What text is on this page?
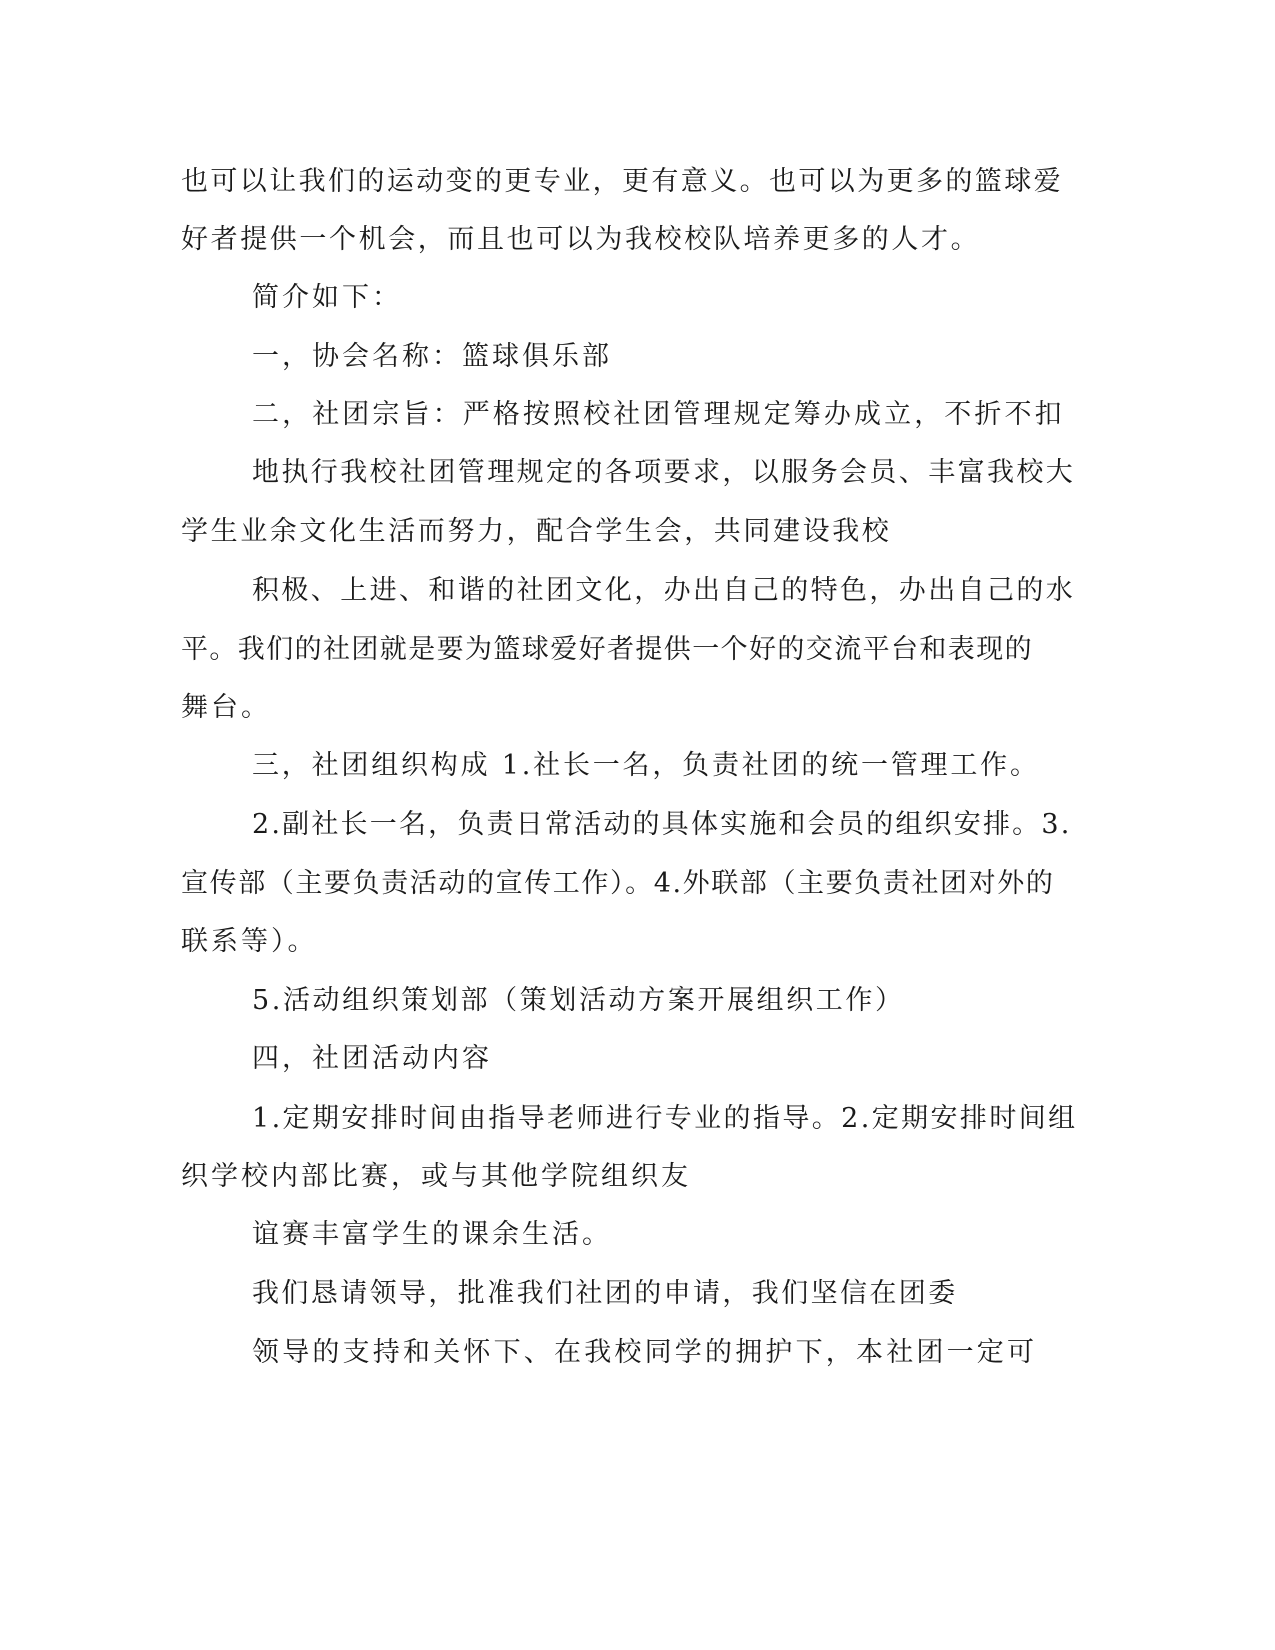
也可以让我们的运动变的更专业，更有意义。也可以为更多的篮球爱
好者提供一个机会，而且也可以为我校校队培养更多的人才。
简介如下：
一，协会名称：篮球俱乐部
二，社团宗旨：严格按照校社团管理规定筹办成立，不折不扣
地执行我校社团管理规定的各项要求，以服务会员、丰富我校大
学生业余文化生活而努力，配合学生会，共同建设我校
积极、上进、和谐的社团文化，办出自己的特色，办出自己的水
平。我们的社团就是要为篮球爱好者提供一个好的交流平台和表现的
舞台。
三，社团组织构成 1.社长一名，负责社团的统一管理工作。
2.副社长一名，负责日常活动的具体实施和会员的组织安排。3.
宣传部（主要负责活动的宣传工作）。4.外联部（主要负责社团对外的
联系等）。
5.活动组织策划部（策划活动方案开展组织工作）
四，社团活动内容
1.定期安排时间由指导老师进行专业的指导。2.定期安排时间组
织学校内部比赛，或与其他学院组织友
谊赛丰富学生的课余生活。
我们恳请领导，批准我们社团的申请，我们坚信在团委
领导的支持和关怀下、在我校同学的拥护下，本社团一定可
